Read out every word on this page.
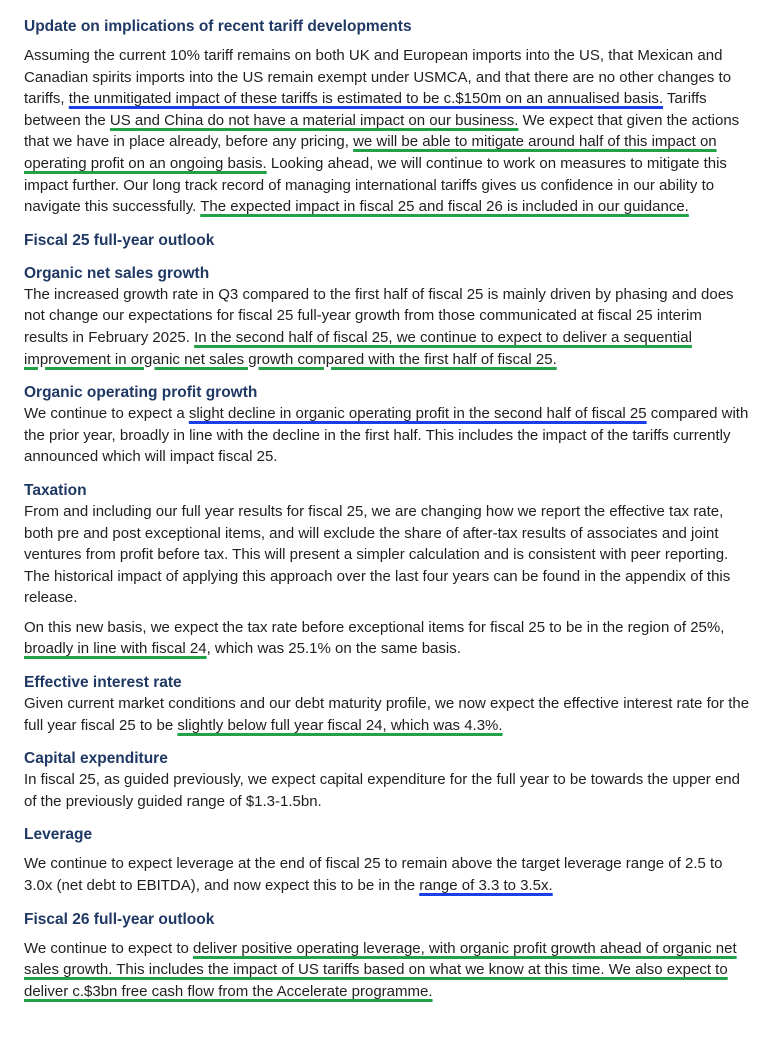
Update on implications of recent tariff developments

Assuming the current 10% tariff remains on both UK and European imports into the US, that Mexican and Canadian spirits imports into the US remain exempt under USMCA, and that there are no other changes to tariffs, the unmitigated impact of these tariffs is estimated to be c.$150m on an annualised basis. Tariffs between the US and China do not have a material impact on our business. We expect that given the actions that we have in place already, before any pricing, we will be able to mitigate around half of this impact on operating profit on an ongoing basis. Looking ahead, we will continue to work on measures to mitigate this impact further. Our long track record of managing international tariffs gives us confidence in our ability to navigate this successfully. The expected impact in fiscal 25 and fiscal 26 is included in our guidance.

Fiscal 25 full-year outlook
Organic net sales growth

The increased growth rate in Q3 compared to the first half of fiscal 25 is mainly driven by phasing and does not change our expectations for fiscal 25 full-year growth from those communicated at fiscal 25 interim results in February 2025. In the second half of fiscal 25, we continue to expect to deliver a sequential improvement in organic net sales growth compared with the first half of fiscal 25.

Organic operating profit growth

We continue to expect a slight decline in organic operating profit in the second half of fiscal 25 compared with the prior year, broadly in line with the decline in the first half. This includes the impact of the tariffs currently announced which will impact fiscal 25.

Taxation

From and including our full year results for fiscal 25, we are changing how we report the effective tax rate, both pre and post exceptional items, and will exclude the share of after-tax results of associates and joint ventures from profit before tax. This will present a simpler calculation and is consistent with peer reporting. The historical impact of applying this approach over the last four years can be found in the appendix of this release.

On this new basis, we expect the tax rate before exceptional items for fiscal 25 to be in the region of 25%, broadly in line with fiscal 24, which was 25.1% on the same basis.

Effective interest rate

Given current market conditions and our debt maturity profile, we now expect the effective interest rate for the full year fiscal 25 to be slightly below full year fiscal 24, which was 4.3%.

Capital expenditure

In fiscal 25, as guided previously, we expect capital expenditure for the full year to be towards the upper end of the previously guided range of $1.3-1.5bn.

Leverage

We continue to expect leverage at the end of fiscal 25 to remain above the target leverage range of 2.5 to 3.0x (net debt to EBITDA), and now expect this to be in the range of 3.3 to 3.5x.

Fiscal 26 full-year outlook

We continue to expect to deliver positive operating leverage, with organic profit growth ahead of organic net sales growth. This includes the impact of US tariffs based on what we know at this time. We also expect to deliver c.$3bn free cash flow from the Accelerate programme.
